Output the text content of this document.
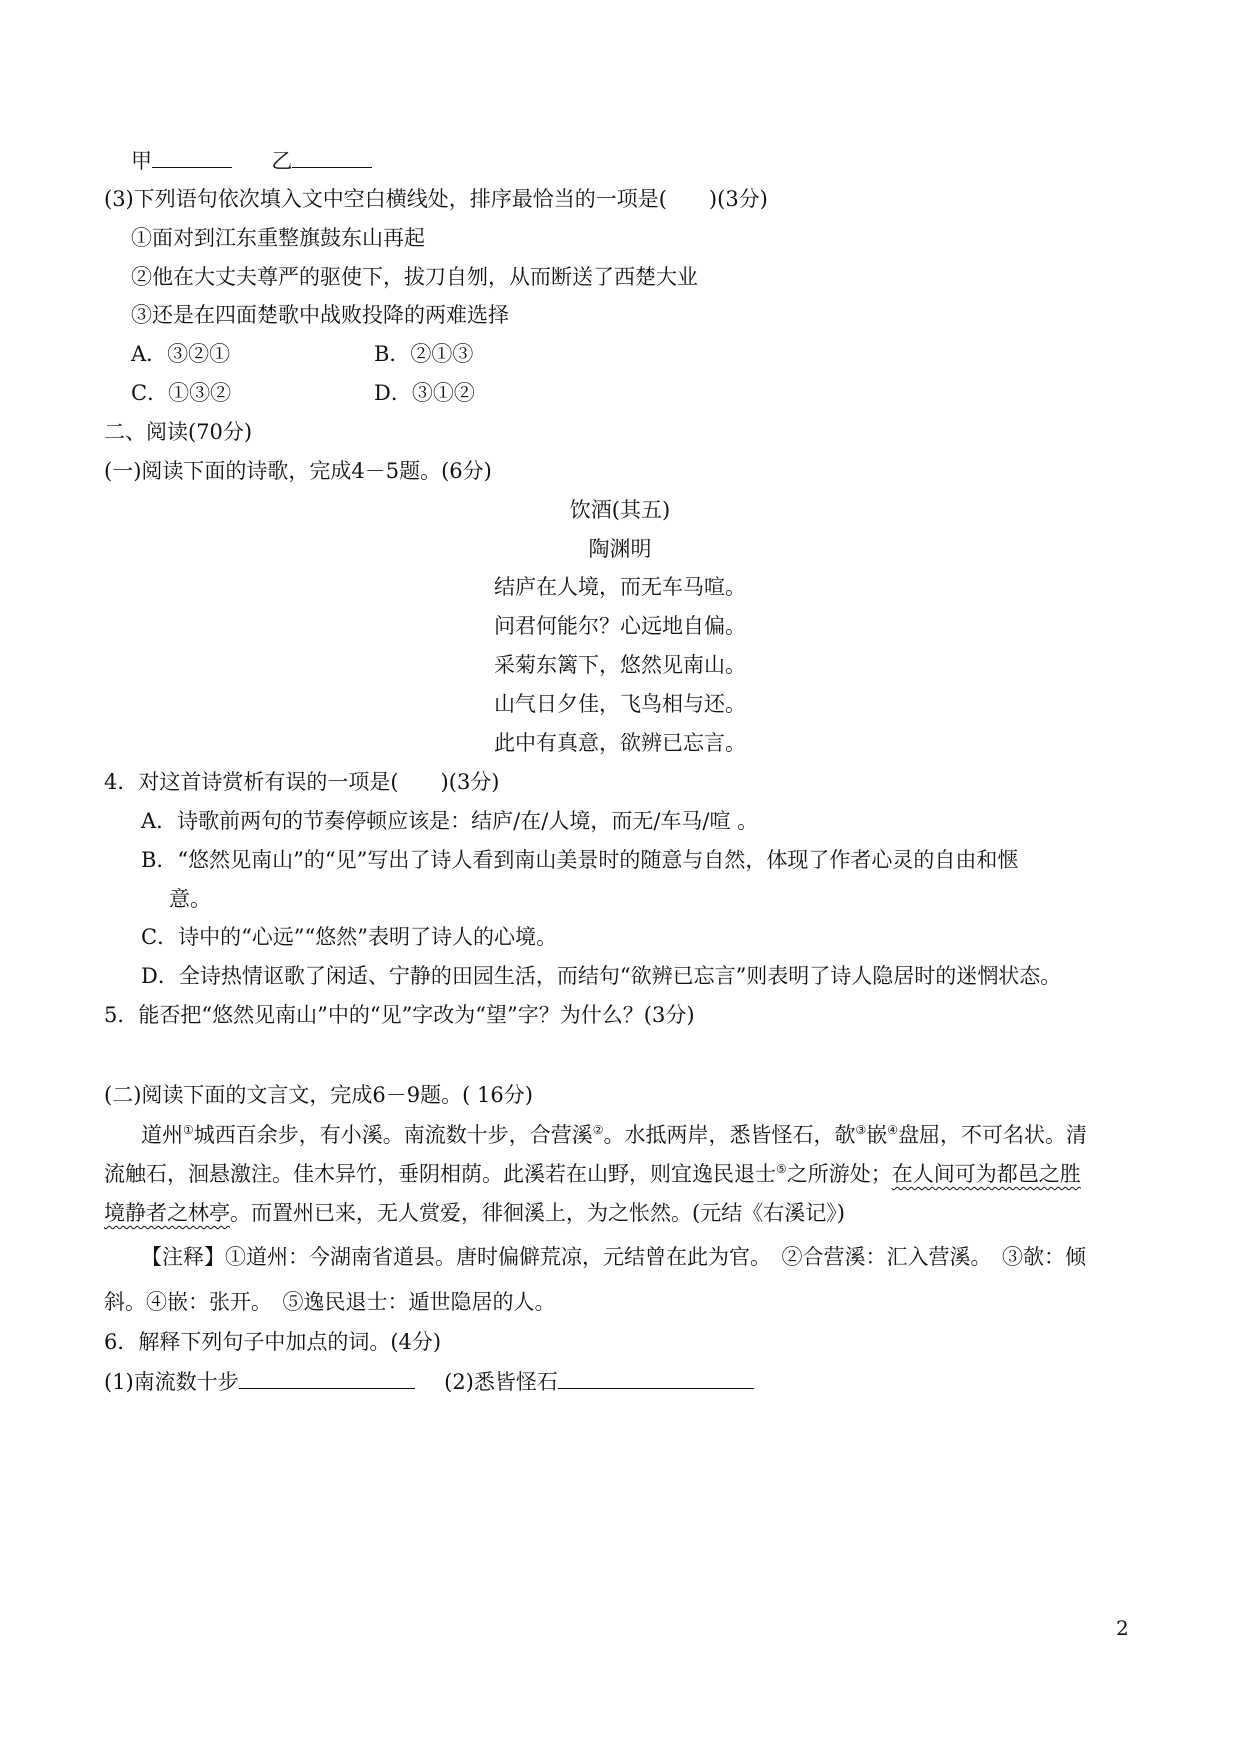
甲	乙
(3)下列语句依次填入文中空白横线处，排序最恰当的一项是(　　)(3分)
①面对到江东重整旗鼓东山再起
②他在大丈夫尊严的驱使下，拔刀自刎，从而断送了西楚大业
③还是在四面楚歌中战败投降的两难选择
A．③②①	B．②①③
C．①③②	D．③①②
二、阅读(70分)
(一)阅读下面的诗歌，完成4－5题。(6分)
饮酒(其五)
陶渊明
结庐在人境，而无车马喧。
问君何能尔？心远地自偏。
采菊东篱下，悠然见南山。
山气日夕佳，飞鸟相与还。
此中有真意，欲辨已忘言。
4．对这首诗赏析有误的一项是(　　)(3分)
A．诗歌前两句的节奏停顿应该是：结庐/在/人境，而无/车马/喧 。
B．“悠然见南山”的“见”写出了诗人看到南山美景时的随意与自然，体现了作者心灵的自由和惬
意。
C．诗中的“心远”“悠然”表明了诗人的心境。
D．全诗热情讴歌了闲适、宁静的田园生活，而结句“欲辨已忘言”则表明了诗人隐居时的迷惘状态。
5．能否把“悠然见南山”中的“见”字改为“望”字？为什么？(3分)
(二)阅读下面的文言文，完成6－9题。( 16分)
道州①城西百余步，有小溪。南流数十步，合营溪②。水抵两岸，悉皆怪石，欹③嵌④盘屈，不可名状。清
流触石，洄悬激注。佳木异竹，垂阴相荫。此溪若在山野，则宜逸民退士⑤之所游处；在人间可为都邑之胜
境静者之林亭。而置州已来，无人赏爱，徘徊溪上，为之怅然。(元结《右溪记》)
【注释】①道州：今湖南省道县。唐时偏僻荒凉，元结曾在此为官。　②合营溪：汇入营溪。　③欹：倾
斜。④嵌：张开。　⑤逸民退士：遁世隐居的人。
6．解释下列句子中加点的词。(4分)
(1)南流数十步	(2)悉皆怪石
2
